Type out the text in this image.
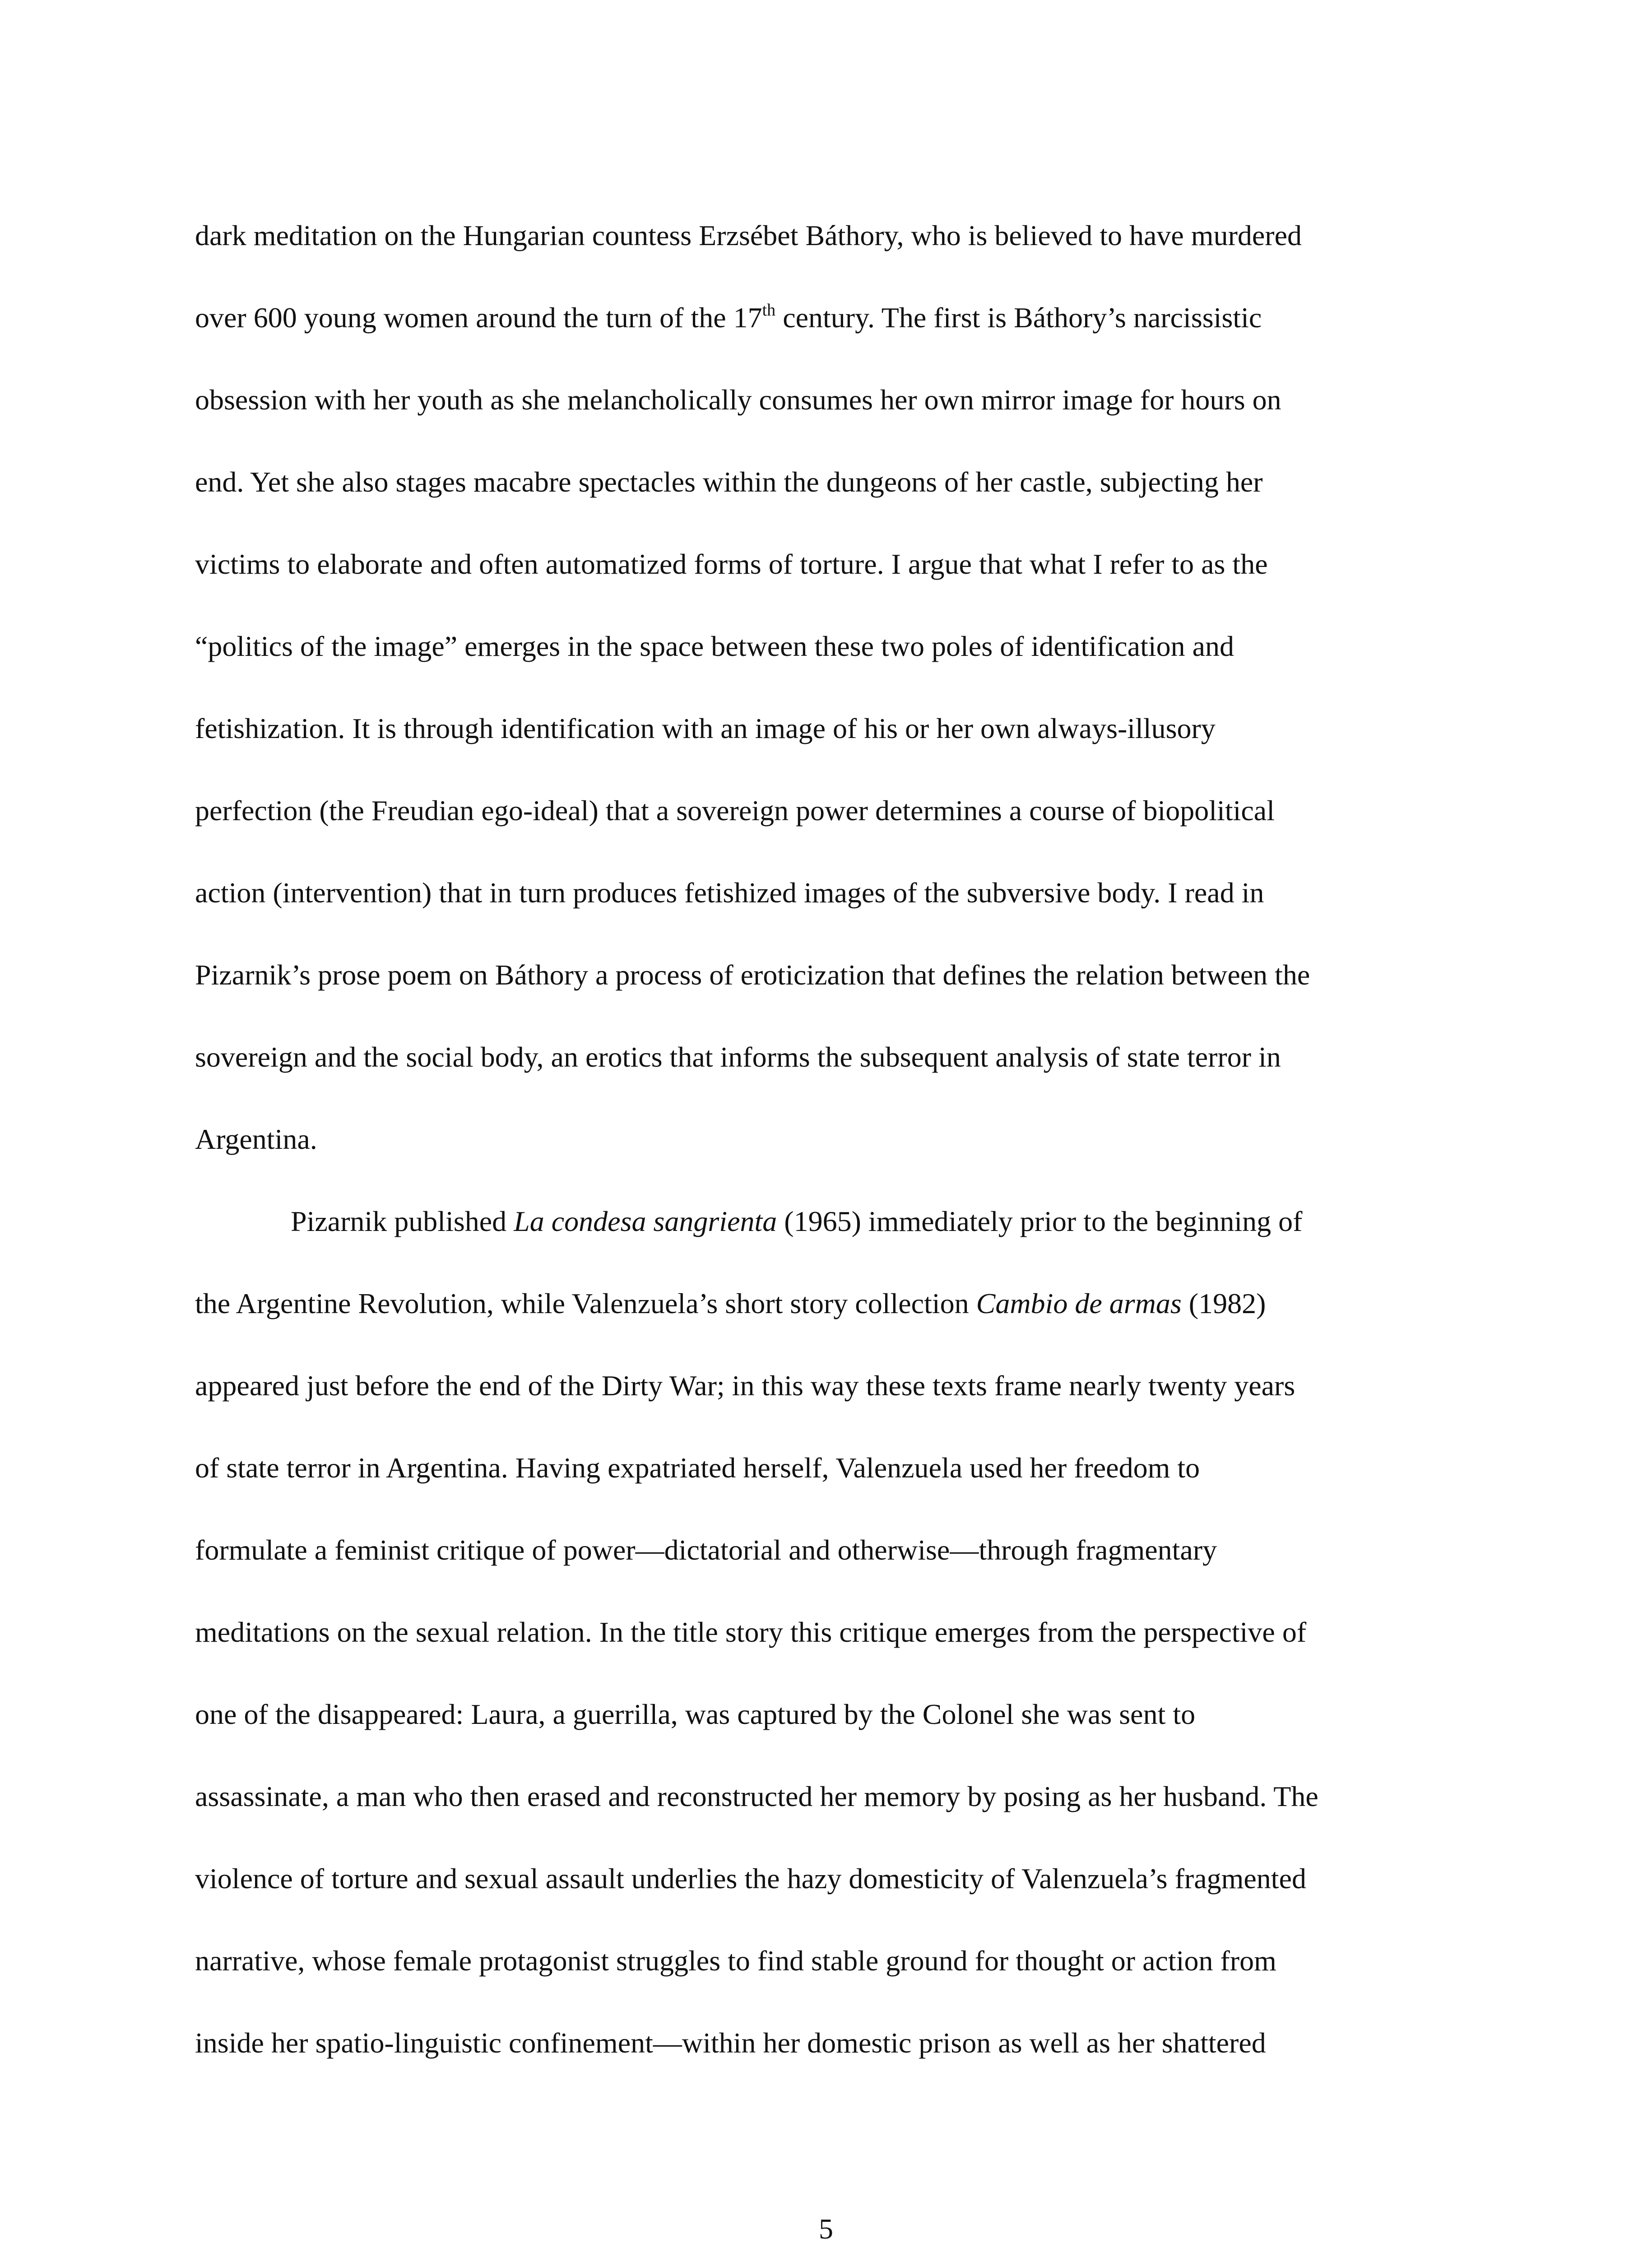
dark meditation on the Hungarian countess Erzsébet Báthory, who is believed to have murdered
over 600 young women around the turn of the 17th century. The first is Báthory’s narcissistic
obsession with her youth as she melancholically consumes her own mirror image for hours on
end. Yet she also stages macabre spectacles within the dungeons of her castle, subjecting her
victims to elaborate and often automatized forms of torture. I argue that what I refer to as the
“politics of the image” emerges in the space between these two poles of identification and
fetishization. It is through identification with an image of his or her own always-illusory
perfection (the Freudian ego-ideal) that a sovereign power determines a course of biopolitical
action (intervention) that in turn produces fetishized images of the subversive body. I read in
Pizarnik’s prose poem on Báthory a process of eroticization that defines the relation between the
sovereign and the social body, an erotics that informs the subsequent analysis of state terror in
Argentina.
Pizarnik published La condesa sangrienta (1965) immediately prior to the beginning of
the Argentine Revolution, while Valenzuela’s short story collection Cambio de armas (1982)
appeared just before the end of the Dirty War; in this way these texts frame nearly twenty years
of state terror in Argentina. Having expatriated herself, Valenzuela used her freedom to
formulate a feminist critique of power—dictatorial and otherwise—through fragmentary
meditations on the sexual relation. In the title story this critique emerges from the perspective of
one of the disappeared: Laura, a guerrilla, was captured by the Colonel she was sent to
assassinate, a man who then erased and reconstructed her memory by posing as her husband. The
violence of torture and sexual assault underlies the hazy domesticity of Valenzuela’s fragmented
narrative, whose female protagonist struggles to find stable ground for thought or action from
inside her spatio-linguistic confinement—within her domestic prison as well as her shattered
5
